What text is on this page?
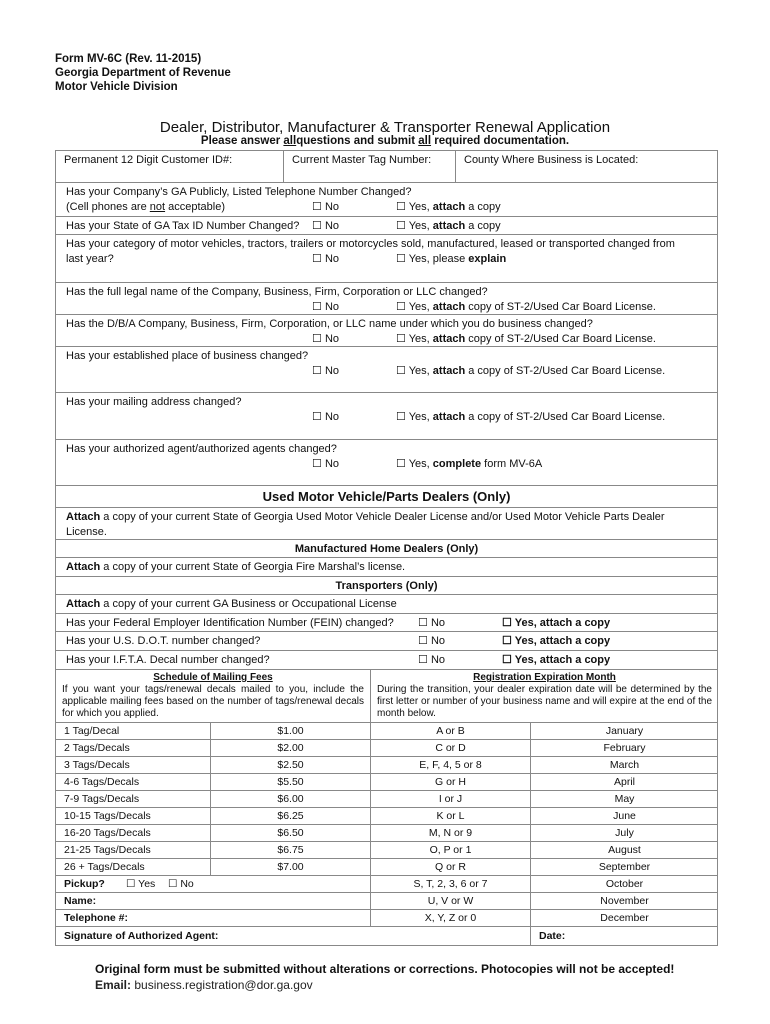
Form MV-6C (Rev. 11-2015)
Georgia Department of Revenue
Motor Vehicle Division
Dealer, Distributor, Manufacturer & Transporter Renewal Application
Please answer allquestions and submit all required documentation.
Permanent 12 Digit Customer ID#:	Current Master Tag Number:	County Where Business is Located:
Has your Company’s GA Publicly, Listed Telephone Number Changed?
(Cell phones are not acceptable)	☐ No	☐ Yes, attach a copy
Has your State of GA Tax ID Number Changed? ☐ No	☐ Yes, attach a copy
Has your category of motor vehicles, tractors, trailers or motorcycles sold, manufactured, leased or transported changed from
last year?	☐ No	☐ Yes, please explain
Has the full legal name of the Company, Business, Firm, Corporation or LLC changed?
☐ No	☐ Yes, attach copy of ST-2/Used Car Board License.
Has the D/B/A Company, Business, Firm, Corporation, or LLC name under which you do business changed?
☐ No	☐ Yes, attach copy of ST-2/Used Car Board License.
Has your established place of business changed?
☐ No	☐ Yes, attach a copy of ST-2/Used Car Board License.
Has your mailing address changed?
☐ No	☐ Yes, attach a copy of ST-2/Used Car Board License.
Has your authorized agent/authorized agents changed?
☐ No	☐ Yes, complete form MV-6A
Used Motor Vehicle/Parts Dealers (Only)
Attach a copy of your current State of Georgia Used Motor Vehicle Dealer License and/or Used Motor Vehicle Parts Dealer
License.
Manufactured Home Dealers (Only)
Attach a copy of your current State of Georgia Fire Marshal’s license.
Transporters (Only)
Attach a copy of your current GA Business or Occupational License
Has your Federal Employer Identification Number (FEIN) changed? ☐ No	☐ Yes, attach a copy
Has your U.S. D.O.T. number changed?	☐ No	☐ Yes, attach a copy
Has your I.F.T.A. Decal number changed?	☐ No	☐ Yes, attach a copy
Schedule of Mailing Fees
If you want your tags/renewal decals mailed to you, include the applicable mailing fees based on the number of tags/renewal decals for which you applied.
Registration Expiration Month
During the transition, your dealer expiration date will be determined by the first letter or number of your business name and will expire at the end of the month below.
1 Tag/Decal	$1.00	A or B	January
2 Tags/Decals	$2.00	C or D	February
3 Tags/Decals	$2.50	E, F, 4, 5 or 8	March
4-6 Tags/Decals	$5.50	G or H	April
7-9 Tags/Decals	$6.00	I or J	May
10-15 Tags/Decals	$6.25	K or L	June
16-20 Tags/Decals	$6.50	M, N or 9	July
21-25 Tags/Decals	$6.75	O, P or 1	August
26 + Tags/Decals	$7.00	Q or R	September
Pickup? ☐ Yes ☐ No	S, T, 2, 3, 6 or 7	October
Name:	U, V or W	November
Telephone #:	X, Y, Z or 0	December
Signature of Authorized Agent:	Date:
Original form must be submitted without alterations or corrections. Photocopies will not be accepted!
Email: business.registration@dor.ga.gov
